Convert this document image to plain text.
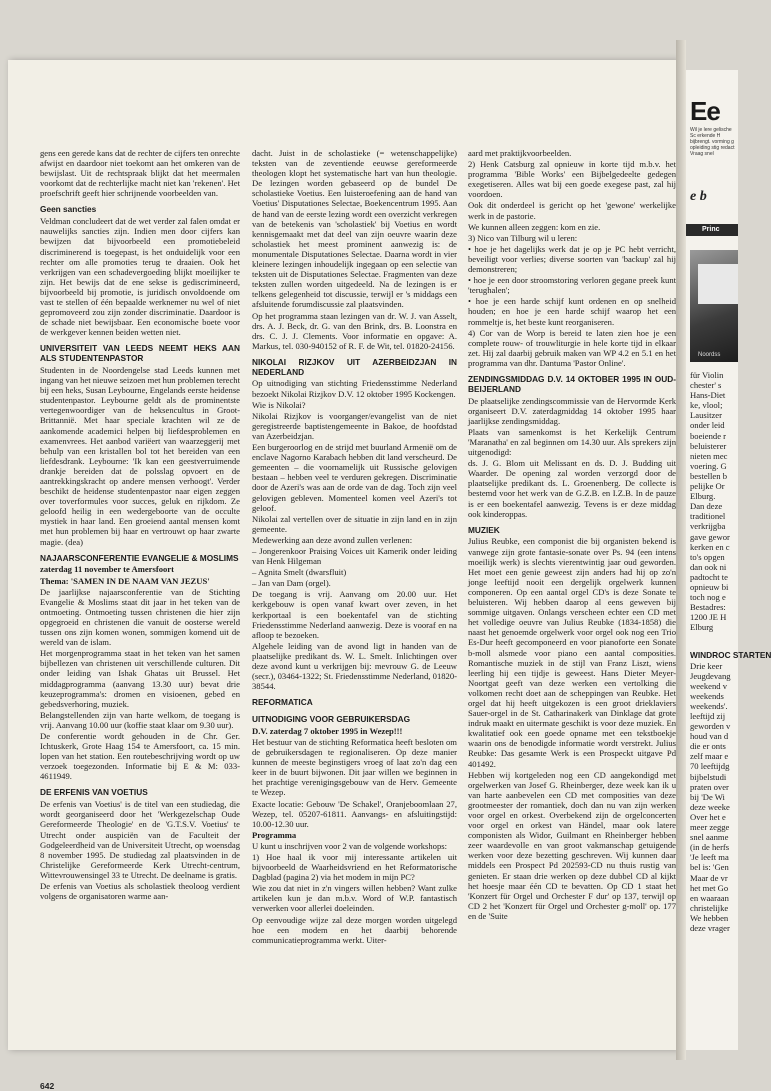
gens een gerede kans dat de rechter de cijfers ten onrechte afwijst en daardoor niet toekomt aan het omkeren van de bewijslast. Uit de rechtspraak blijkt dat het meermalen voorkomt dat de rechterlijke macht niet kan 'rekenen'. Het proefschrift geeft hier schrijnende voorbeelden van.

Geen sancties

Veldman concludeert dat de wet verder zal falen omdat er nauwelijks sancties zijn. Indien men door cijfers kan bewijzen dat bijvoorbeeld een promotiebeleid discriminerend is toegepast, is het onduidelijk voor een rechter om alle promoties terug te draaien. Ook het verkrijgen van een schadevergoeding blijkt moeilijker te zijn. Het bewijs dat de ene sekse is gediscrimineerd, bijvoorbeeld bij promotie, is juridisch onvoldoende om vast te stellen of één bepaalde werknemer nu wel of niet gepromoveerd zou zijn zonder discriminatie. Daardoor is de schade niet bewijsbaar. Een economische boete voor de werkgever kennen beiden wetten niet.

UNIVERSITEIT VAN LEEDS NEEMT HEKS AAN ALS STUDENTENPASTOR

Studenten in de Noordengelse stad Leeds kunnen met ingang van het nieuwe seizoen met hun problemen terecht bij een heks, Susan Leybourne, Engelands eerste heidense studentenpastor. Leybourne geldt als de prominentste vertegenwoordiger van de heksencultus in Groot-Brittannië. Met haar speciale krachten wil ze de aankomende academici helpen bij liefdesproblemen en examenvrees. Het aanbod variëert van waarzeggerij met behulp van een kristallen bol tot het bereiden van een liefdesdrank. Leybourne: 'Ik kan een geestverruimende drankje bereiden dat de polsslag opvoert en de aantrekkingskracht op andere mensen verhoogt'. Verder beschikt de heidense studentenpastor naar eigen zeggen over toverformules voor succes, geluk en rijkdom. Ze geloofd heilig in een wedergeboorte van de occulte mystiek in haar land. Een groeiend aantal mensen komt met hun problemen bij haar en vertrouwt op haar zwarte magie. (dea)

NAJAARSCONFERENTIE EVANGELIE & MOSLIMS

zaterdag 11 november te Amersfoort

Thema: 'SAMEN IN DE NAAM VAN JEZUS'

De jaarlijkse najaarsconferentie van de Stichting Evangelie & Moslims staat dit jaar in het teken van de ontmoeting. Ontmoeting tussen christenen die hier zijn opgegroeid en christenen die vanuit de oosterse wereld tussen ons zijn komen wonen, sommigen komend uit de wereld van de islam.

Het morgenprogramma staat in het teken van het samen bijbellezen van christenen uit verschillende culturen. Dit onder leiding van Ishak Ghatas uit Brussel. Het middagprogramma (aanvang 13.30 uur) bevat drie keuzeprogramma's: dromen en visioenen, gebed en gebedsverhoring, muziek.

Belangstellenden zijn van harte welkom, de toegang is vrij. Aanvang 10.00 uur (koffie staat klaar om 9.30 uur).

De conferentie wordt gehouden in de Chr. Ger. Ichtuskerk, Grote Haag 154 te Amersfoort, ca. 15 min. lopen van het station. Een routebeschrijving wordt op uw verzoek toegezonden. Informatie bij E & M: 033-4611949.

DE ERFENIS VAN VOETIUS

De erfenis van Voetius' is de titel van een studiedag, die wordt georganiseerd door het 'Werkgezelschap Oude Gereformeerde Theologie' en de 'G.T.S.V. Voetius' te Utrecht onder auspiciën van de Faculteit der Godgeleerdheid van de Universiteit Utrecht, op woensdag 8 november 1995. De studiedag zal plaatsvinden in de Christelijke Gereformeerde Kerk Utrecht-centrum, Wittevrouwensingel 33 te Utrecht. De deelname is gratis.

De erfenis van Voetius als scholastiek theoloog verdient volgens de organisatoren warme aan-

dacht. Juist in de scholastieke (= wetenschappelijke) teksten van de zeventiende eeuwse gereformeerde theologen klopt het systematische hart van hun theologie. De lezingen worden gebaseerd op de bundel De scholastieke Voetius. Een luisteroefening aan de hand van Voetius' Disputationes Selectae, Boekencentrum 1995. Aan de hand van de eerste lezing wordt een overzicht verkregen van de betekenis van 'scholastiek' bij Voetius en wordt kennisgemaakt met dat deel van zijn oeuvre waarin deze scholastiek het meest prominent aanwezig is: de monumentale Disputationes Selectae. Daarna wordt in vier kleinere lezingen inhoudelijk ingegaan op een selectie van teksten uit de Disputationes Selectae. Fragmenten van deze teksten zullen worden uitgedeeld. Na de lezingen is er telkens gelegenheid tot discussie, terwijl er 's middags een afsluitende forumdiscussie zal plaatsvinden.

Op het programma staan lezingen van dr. W. J. van Asselt, drs. A. J. Beck, dr. G. van den Brink, drs. B. Loonstra en drs. C. J. J. Clements. Voor informatie en opgave: A. Markus, tel. 030-940152 of R. F. de Wit, tel. 01820-24156.

NIKOLAI RIZJKOV UIT AZERBEIDZJAN IN NEDERLAND

Op uitnodiging van stichting Friedensstimme Nederland bezoekt Nikolai Rizjkov D.V. 12 oktober 1995 Kockengen.

Wie is Nikolai?

Nikolai Rizjkov is voorganger/evangelist van de niet geregistreerde baptistengemeente in Bakoe, de hoofdstad van Azerbeidzjan.

Een burgeroorlog en de strijd met buurland Armenië om de enclave Nagorno Karabach hebben dit land verscheurd. De gemeenten – die voornamelijk uit Russische gelovigen bestaan – hebben veel te verduren gekregen. Discriminatie door de Azeri's was aan de orde van de dag. Toch zijn veel gelovigen gebleven. Momenteel komen veel Azeri's tot geloof.

Nikolai zal vertellen over de situatie in zijn land en in zijn gemeente.

Medewerking aan deze avond zullen verlenen:

– Jongerenkoor Praising Voices uit Kamerik onder leiding van Henk Hilgeman

– Agnita Smelt (dwarsfluit)

– Jan van Dam (orgel).

De toegang is vrij. Aanvang om 20.00 uur. Het kerkgebouw is open vanaf kwart over zeven, in het kerkportaal is een boekentafel van de stichting Friedensstimme Nederland aanwezig. Deze is vooraf en na afloop te bezoeken.

Algehele leiding van de avond ligt in handen van de plaatselijke predikant ds. W. L. Smelt. Inlichtingen over deze avond kunt u verkrijgen bij: mevrouw G. de Leeuw (secr.), 03464-1322; St. Friedensstimme Nederland, 01820-38544.

REFORMATICA

UITNODIGING VOOR GEBRUIKERSDAG

D.V. zaterdag 7 oktober 1995 in Wezep!!!

Het bestuur van de stichting Reformatica heeft besloten om de gebruikersdagen te regionaliseren. Op deze manier kunnen de meeste beginstigers vroeg of laat zo'n dag een keer in de buurt bijwonen. Dit jaar willen we beginnen in het prachtige verenigingsgebouw van de Herv. Gemeente te Wezep.

Exacte locatie: Gebouw 'De Schakel', Oranjeboomlaan 27, Wezep, tel. 05207-61811. Aanvangs- en afsluitingstijd: 10.00-12.30 uur.

Programma

U kunt u inschrijven voor 2 van de volgende workshops:

1) Hoe haal ik voor mij interessante artikelen uit bijvoorbeeld de Waarheidsvriend en het Reformatorische Dagblad (pagina 2) via het modem in mijn PC?

Wie zou dat niet in z'n vingers willen hebben? Want zulke artikelen kun je dan m.b.v. Word of W.P. fantastisch verwerken voor allerlei doeleinden.

Op eenvoudige wijze zal deze morgen worden uitgelegd hoe een modem en het daarbij behorende communicatieprogramma werkt. Uiter-

aard met praktijkvoorbeelden.

2) Henk Catsburg zal opnieuw in korte tijd m.b.v. het programma 'Bible Works' een Bijbelgedeelte gedegen exegetiseren. Alles wat bij een goede exegese past, zal hij voordoen.

Ook dit onderdeel is gericht op het 'gewone' werkelijke werk in de pastorie.

We kunnen alleen zeggen: kom en zie.

3) Nico van Tilburg wil u leren:

• hoe je het dagelijks werk dat je op je PC hebt verricht, beveiligt voor verlies; diverse soorten van 'backup' zal hij demonstreren;

• hoe je een door stroomstoring verloren gegane preek kunt 'terughalen';

• hoe je een harde schijf kunt ordenen en op snelheid houden; en hoe je een harde schijf waarop het een rommeltje is, het beste kunt reorganiseren.

4) Cor van de Worp is bereid te laten zien hoe je een complete rouw- of trouwliturgie in hele korte tijd in elkaar zet. Hij zal daarbij gebruik maken van WP 4.2 en 5.1 en het programma van dhr. Dantuma 'Pastor Online'.

ZENDINGSMIDDAG D.V. 14 OKTOBER 1995 IN OUD-BEIJERLAND

De plaatselijke zendingscommissie van de Hervormde Kerk organiseert D.V. zaterdagmiddag 14 oktober 1995 haar jaarlijkse zendingsmiddag.

Plaats van samenkomst is het Kerkelijk Centrum 'Maranatha' en zal beginnen om 14.30 uur. Als sprekers zijn uitgenodigd:

ds. J. G. Blom uit Melissant en ds. D. J. Budding uit Waarder. De opening zal worden verzorgd door de plaatselijke predikant ds. L. Groenenberg. De collecte is bestemd voor het werk van de G.Z.B. en I.Z.B. In de pauze is er een boekentafel aanwezig. Tevens is er deze middag ook kinderoppas.

MUZIEK

Julius Reubke, een componist die bij organisten bekend is vanwege zijn grote fantasie-sonate over Ps. 94 (een intens moeilijk werk) is slechts vierentwintig jaar oud geworden. Het moet een genie geweest zijn anders had hij op zo'n jonge leeftijd nooit een dergelijk orgelwerk kunnen componeren. Op een aantal orgel CD's is deze Sonate te beluisteren. Wij hebben daarop al eens geweven bij sommige uitgaven. Onlangs verscheen echter een CD met het volledige oeuvre van Julius Reubke (1834-1858) die naast het genoemde orgelwerk voor orgel ook nog een Trio Es-Dur heeft gecomponeerd en voor pianoforte een Sonate b-moll alsmede voor piano een aantal composities. Romantische muziek in de stijl van Franz Liszt, wiens leerling hij een tijdje is geweest. Hans Dieter Meyer-Noortgat geeft van deze werken een vertolking die volkomen recht doet aan de scheppingen van Reubke. Het orgel dat hij heeft uitgekozen is een groot drieklaviers Sauer-orgel in de St. Catharinakerk van Dinklage dat grote indruk maakt en uitermate geschikt is voor deze muziek. En kwalitatief ook een goede opname met een tekstboekje waarin ons de benodigde informatie wordt verstrekt. Julius Reubke: Das gesamte Werk is een Prospeckt uitgave Pd 401492.

Hebben wij kortgeleden nog een CD aangekondigd met orgelwerken van Josef G. Rheinberger, deze week kan ik u van harte aanbevelen een CD met composities van deze grootmeester der romantiek, doch dan nu van zijn werken voor orgel en orkest. Overbekend zijn de orgelconcerten voor orgel en orkest van Händel, maar ook latere componisten als Widor, Guilmant en Rheinberger hebben zeer waardevolle en van groot vakmanschap getuigende werken voor deze bezetting geschreven. Wij kunnen daar middels een Prospect Pd 202593-CD nu thuis rustig van genieten. Er staan drie werken op deze dubbel CD al kijkt het hoesje maar één CD te bevatten. Op CD 1 staat het 'Konzert für Orgel und Orchester F dur' op 137, terwijl op CD 2 het 'Konzert für Orgel und Orchester g-moll' op. 177 en de 'Suite

642
Ee
Wil je lere gelische Sc erkende H bijbrengt. vorming g opleiding stig redact Vraag snel
e b
Princ
Noordss
für Violin
chester' s
Hans-Diet
ke, vlool;
Lausitzer
onder leid
boeiende r
beluisterer
nieten mec
voering. G
bestellen b
pelijke Or
Elburg.
Dan deze
traditionel
verkrijgba
gave gewor
kerken en c
to's opgen
dan ook ni
padtocht te
opnieuw bi
toch nog e
Bestadres:
1200 JE H
Elburg
WINDROC STARTEN
Drie keer
Jeugdevang
weekend v
weekends
weekends'.
leeftijd zij
geworden v
houd van d
die er onts
zelf maar e
70 leeftijdg
bijbelstudi
praten over
bij 'De Wi
deze weeke
Over het e
meer zegge
snel aanme
(in de herfs
'Je leeft ma
bel is: 'Gen
Maar de vr
het met Go
en waaraan
christelijke
We hebben
deze vrager
